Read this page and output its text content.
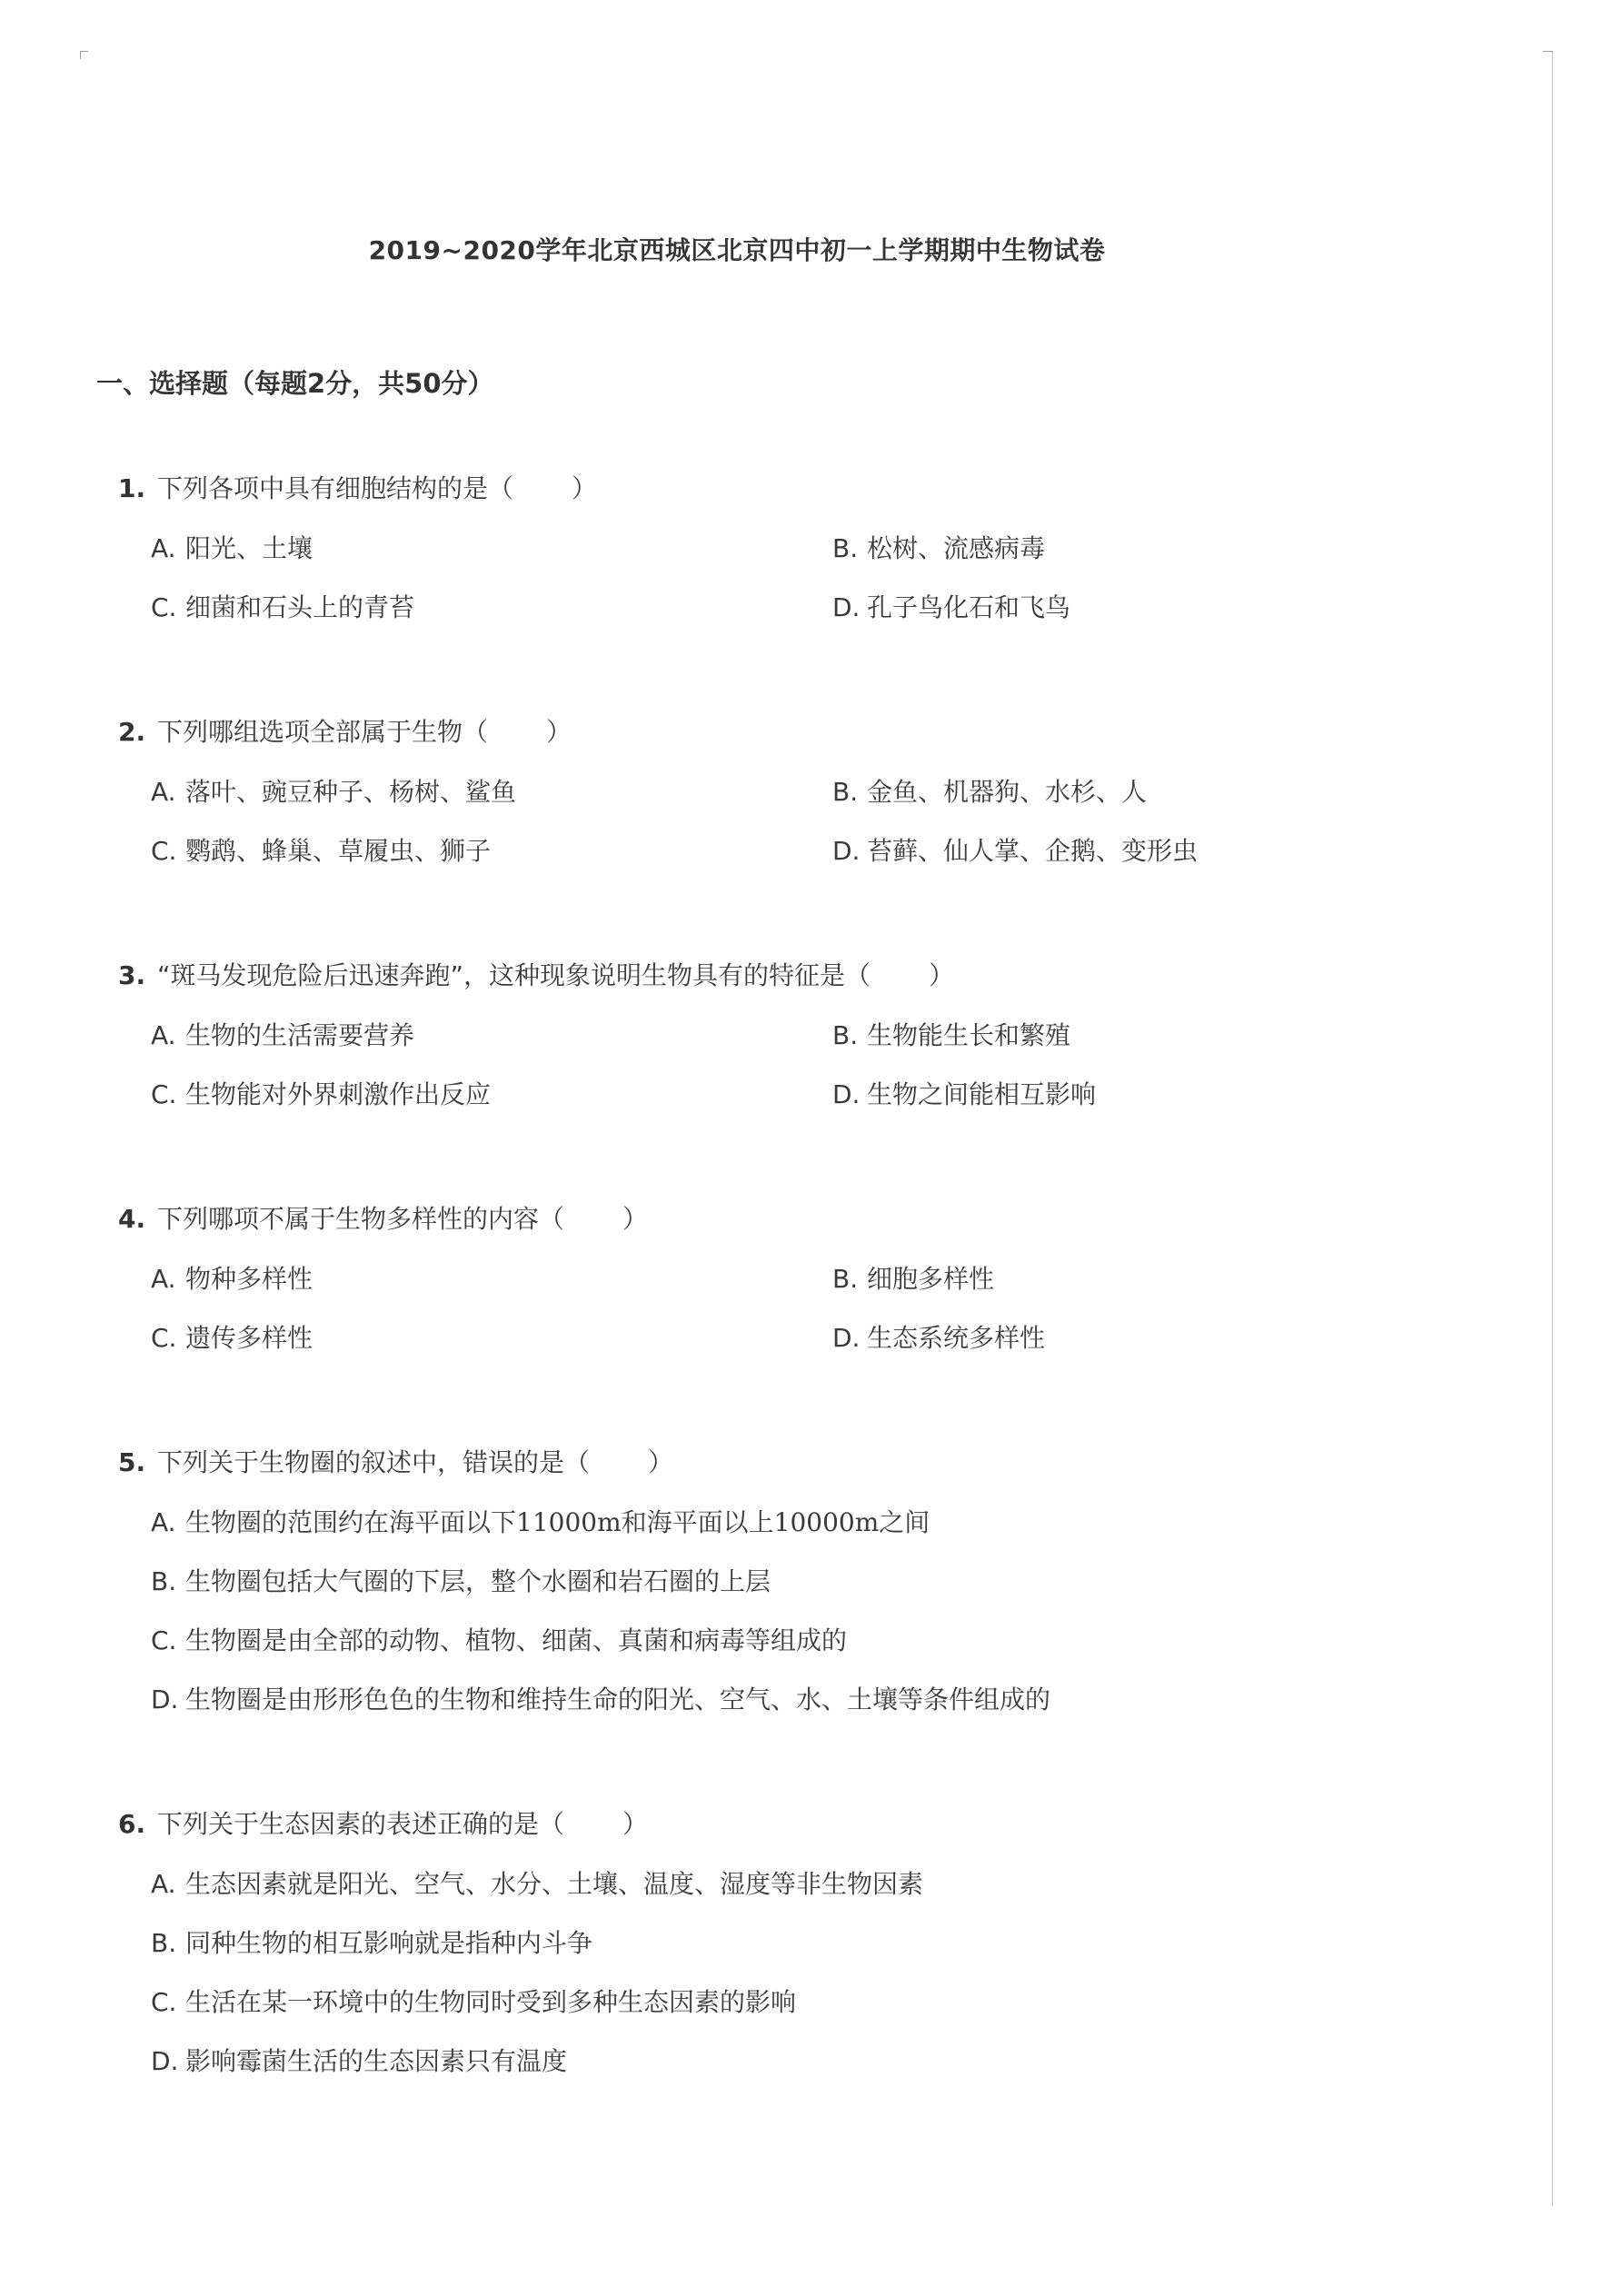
2019~2020学年北京西城区北京四中初一上学期期中生物试卷
一、选择题（每题2分，共50分）
1. 下列各项中具有细胞结构的是（ ）
A. 阳光、土壤	B. 松树、流感病毒
C. 细菌和石头上的青苔	D. 孔子鸟化石和飞鸟
2. 下列哪组选项全部属于生物（ ）
A. 落叶、豌豆种子、杨树、鲨鱼	B. 金鱼、机器狗、水杉、人
C. 鹦鹉、蜂巢、草履虫、狮子	D. 苔藓、仙人掌、企鹅、变形虫
3. “斑马发现危险后迅速奔跑”，这种现象说明生物具有的特征是（ ）
A. 生物的生活需要营养	B. 生物能生长和繁殖
C. 生物能对外界刺激作出反应	D. 生物之间能相互影响
4. 下列哪项不属于生物多样性的内容（ ）
A. 物种多样性	B. 细胞多样性
C. 遗传多样性	D. 生态系统多样性
5. 下列关于生物圈的叙述中，错误的是（ ）
A. 生物圈的范围约在海平面以下11000m和海平面以上10000m之间
B. 生物圈包括大气圈的下层，整个水圈和岩石圈的上层
C. 生物圈是由全部的动物、植物、细菌、真菌和病毒等组成的
D. 生物圈是由形形色色的生物和维持生命的阳光、空气、水、土壤等条件组成的
6. 下列关于生态因素的表述正确的是（ ）
A. 生态因素就是阳光、空气、水分、土壤、温度、湿度等非生物因素
B. 同种生物的相互影响就是指种内斗争
C. 生活在某一环境中的生物同时受到多种生态因素的影响
D. 影响霉菌生活的生态因素只有温度
